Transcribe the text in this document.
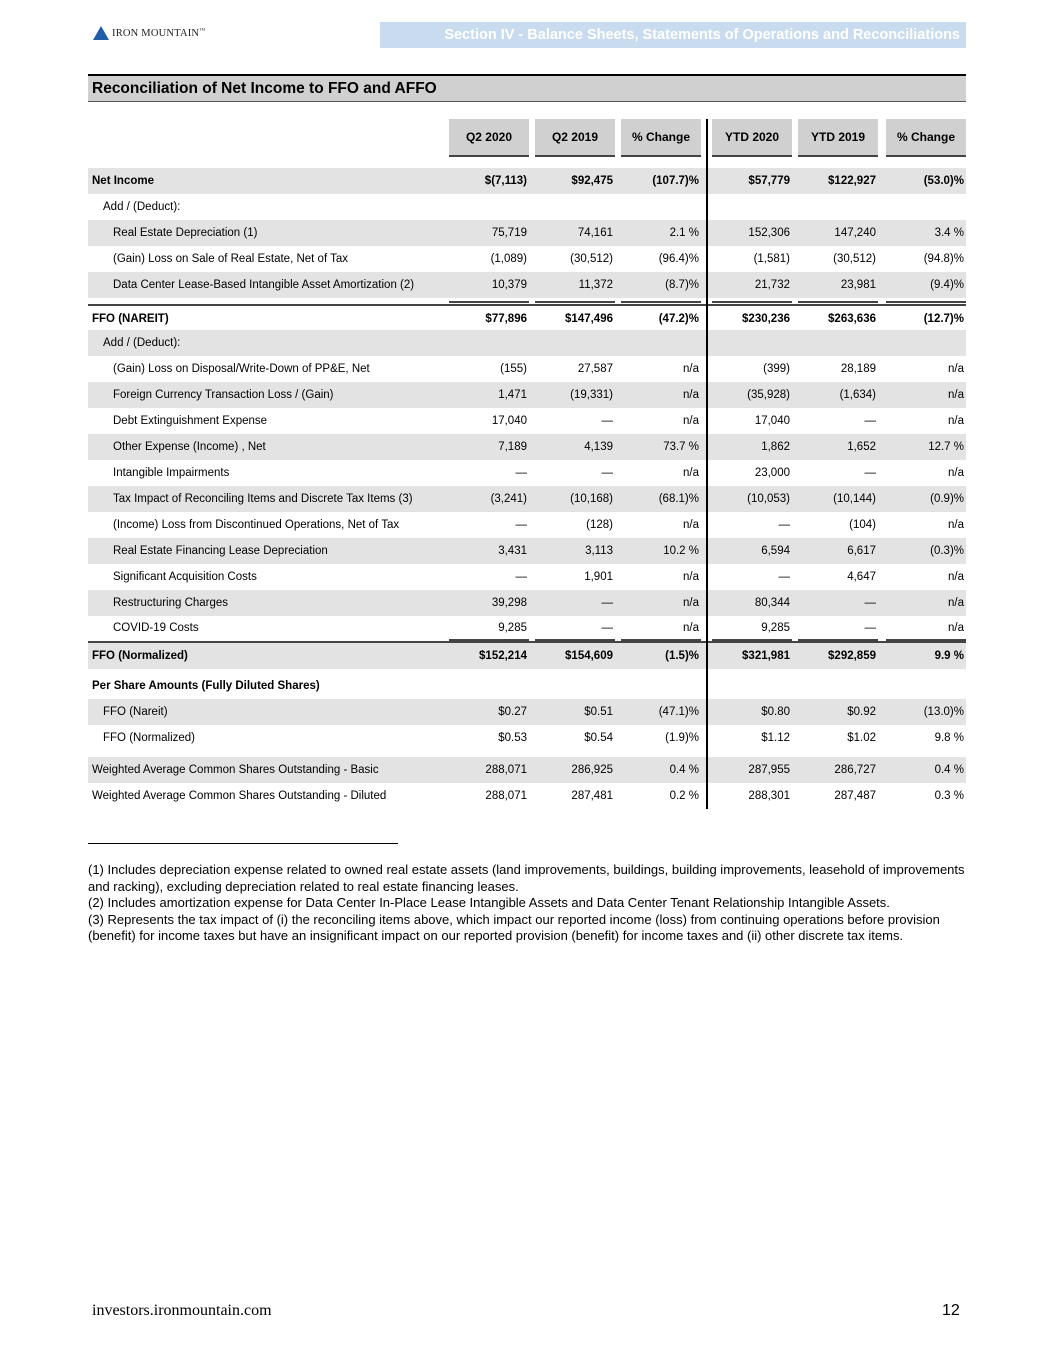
IRON MOUNTAIN™	Section IV - Balance Sheets, Statements of Operations and Reconciliations
Reconciliation of Net Income to FFO and AFFO
Q2 2020	Q2 2019	% Change	YTD 2020	YTD 2019	% Change
Net Income	$(7,113)	$92,475	(107.7)%	$57,779	$122,927	(53.0)%
Add / (Deduct):
Real Estate Depreciation (1)	75,719	74,161	2.1 %	152,306	147,240	3.4 %
(Gain) Loss on Sale of Real Estate, Net of Tax	(1,089)	(30,512)	(96.4)%	(1,581)	(30,512)	(94.8)%
Data Center Lease-Based Intangible Asset Amortization (2)	10,379	11,372	(8.7)%	21,732	23,981	(9.4)%
FFO (NAREIT)	$77,896	$147,496	(47.2)%	$230,236	$263,636	(12.7)%
Add / (Deduct):
(Gain) Loss on Disposal/Write-Down of PP&E, Net	(155)	27,587	n/a	(399)	28,189	n/a
Foreign Currency Transaction Loss / (Gain)	1,471	(19,331)	n/a	(35,928)	(1,634)	n/a
Debt Extinguishment Expense	17,040	—	n/a	17,040	—	n/a
Other Expense (Income) , Net	7,189	4,139	73.7 %	1,862	1,652	12.7 %
Intangible Impairments	—	—	n/a	23,000	—	n/a
Tax Impact of Reconciling Items and Discrete Tax Items (3)	(3,241)	(10,168)	(68.1)%	(10,053)	(10,144)	(0.9)%
(Income) Loss from Discontinued Operations, Net of Tax	—	(128)	n/a	—	(104)	n/a
Real Estate Financing Lease Depreciation	3,431	3,113	10.2 %	6,594	6,617	(0.3)%
Significant Acquisition Costs	—	1,901	n/a	—	4,647	n/a
Restructuring Charges	39,298	—	n/a	80,344	—	n/a
COVID-19 Costs	9,285	—	n/a	9,285	—	n/a
FFO (Normalized)	$152,214	$154,609	(1.5)%	$321,981	$292,859	9.9 %
Per Share Amounts (Fully Diluted Shares)
FFO (Nareit)	$0.27	$0.51	(47.1)%	$0.80	$0.92	(13.0)%
FFO (Normalized)	$0.53	$0.54	(1.9)%	$1.12	$1.02	9.8 %
Weighted Average Common Shares Outstanding - Basic	288,071	286,925	0.4 %	287,955	286,727	0.4 %
Weighted Average Common Shares Outstanding - Diluted	288,071	287,481	0.2 %	288,301	287,487	0.3 %

(1) Includes depreciation expense related to owned real estate assets (land improvements, buildings, building improvements, leasehold of improvements and racking), excluding depreciation related to real estate financing leases.

(2) Includes amortization expense for Data Center In-Place Lease Intangible Assets and Data Center Tenant Relationship Intangible Assets.

(3) Represents the tax impact of (i) the reconciling items above, which impact our reported income (loss) from continuing operations before provision (benefit) for income taxes but have an insignificant impact on our reported provision (benefit) for income taxes and (ii) other discrete tax items.

investors.ironmountain.com	12
